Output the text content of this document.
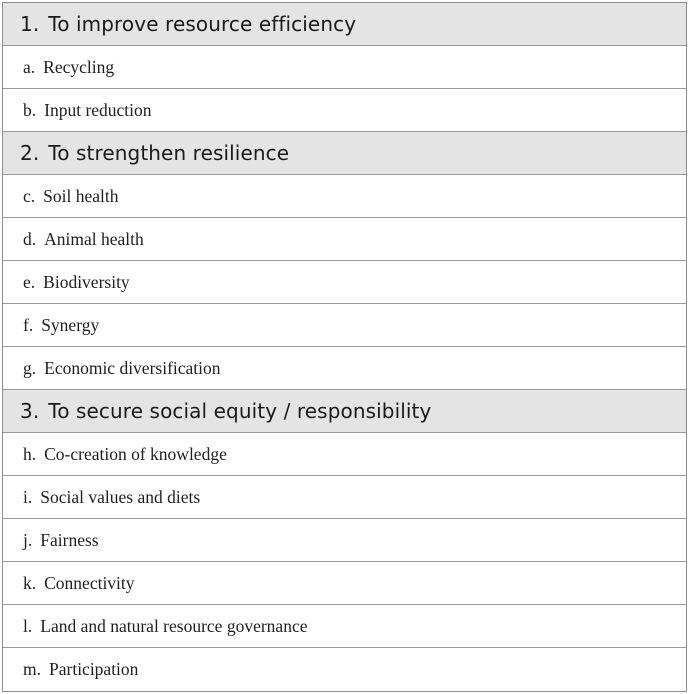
1. To improve resource efficiency
a. Recycling
b. Input reduction
2. To strengthen resilience
c. Soil health
d. Animal health
e. Biodiversity
f. Synergy
g. Economic diversification
3. To secure social equity / responsibility
h. Co-creation of knowledge
i. Social values and diets
j. Fairness
k. Connectivity
l. Land and natural resource governance
m. Participation
